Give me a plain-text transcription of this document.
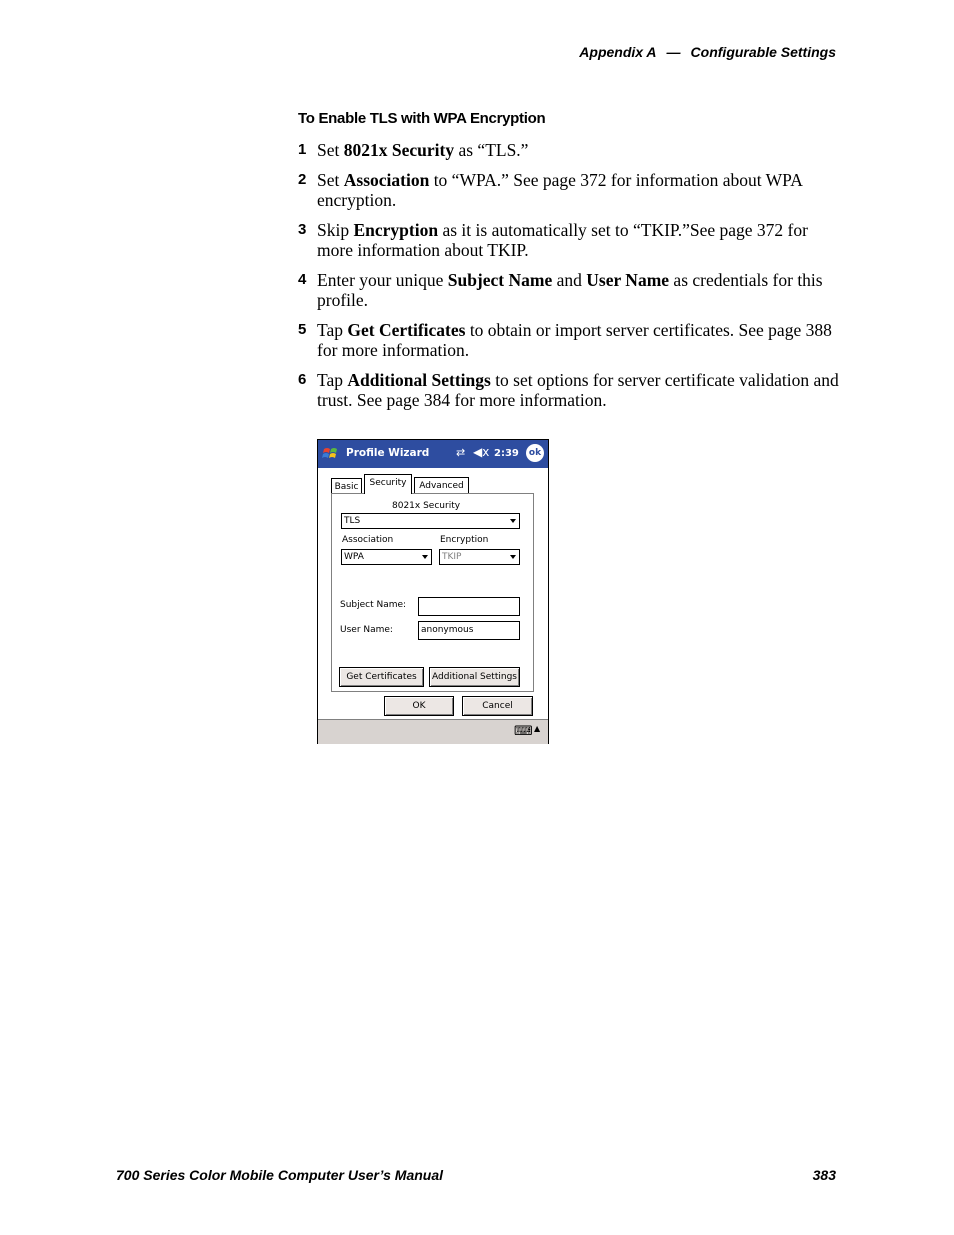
Appendix A — Configurable Settings
To Enable TLS with WPA Encryption
1 Set 8021x Security as “TLS.”
2 Set Association to “WPA.” See page 372 for information about WPA encryption.
3 Skip Encryption as it is automatically set to “TKIP.”See page 372 for more information about TKIP.
4 Enter your unique Subject Name and User Name as credentials for this profile.
5 Tap Get Certificates to obtain or import server certificates. See page 388 for more information.
6 Tap Additional Settings to set options for server certificate validation and trust. See page 384 for more information.
Profile Wizard ⇄ ◀x 2:39	ok
Basic	Security	Advanced
8021x Security
TLS
Association	Encryption
WPA	TKIP
Subject Name:
User Name:	anonymous
Get Certificates	Additional Settings
OK	Cancel
⌨ ▲
700 Series Color Mobile Computer User’s Manual	383
